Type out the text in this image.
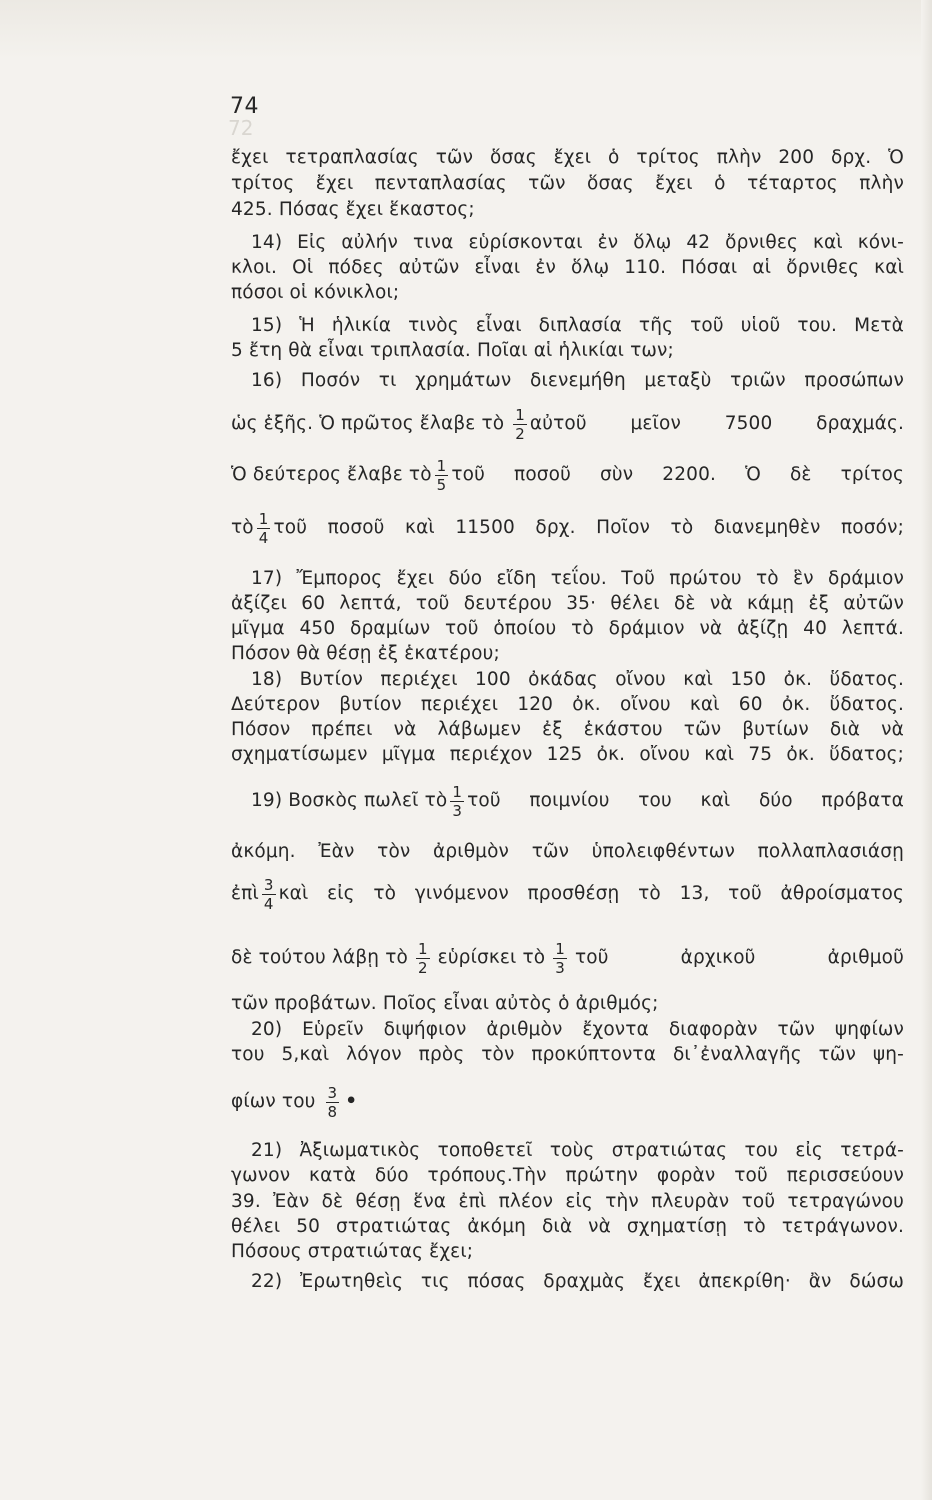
72
74
ἔχει τετραπλασίας τῶν ὅσας ἔχει ὁ τρίτος πλὴν 200 δρχ. Ὁ
τρίτος ἔχει πενταπλασίας τῶν ὅσας ἔχει ὁ τέταρτος πλὴν
425. Πόσας ἔχει ἕκαστος;
14) Εἰς αὐλήν τινα εὑρίσκονται ἐν ὅλῳ 42 ὄρνιθες καὶ κόνι-
κλοι. Οἱ πόδες αὐτῶν εἶναι ἐν ὅλῳ 110. Πόσαι αἱ ὄρνιθες καὶ
πόσοι οἱ κόνικλοι;
15) Ἡ ἡλικία τινὸς εἶναι διπλασία τῆς τοῦ υἱοῦ του. Μετὰ
5 ἔτη θὰ εἶναι τριπλασία. Ποῖαι αἱ ἡλικίαι των;
16) Ποσόν τι χρημάτων διενεμήθη μεταξὺ τριῶν προσώπων
ὡς ἑξῆς. Ὁ πρῶτος ἔλαβε τὸ $\frac{1}{2}$ αὐτοῦ μεῖον 7500 δραχμάς.
Ὁ δεύτερος ἔλαβε τὸ $\frac{1}{5}$ τοῦ ποσοῦ σὺν 2200. Ὁ δὲ τρίτος
τὸ $\frac{1}{4}$ τοῦ ποσοῦ καὶ 11500 δρχ. Ποῖον τὸ διανεμηθὲν ποσόν;
17) Ἔμπορος ἔχει δύο εἴδη τεΐου. Τοῦ πρώτου τὸ ἓν δράμιον
ἀξίζει 60 λεπτά, τοῦ δευτέρου 35· θέλει δὲ νὰ κάμῃ ἐξ αὐτῶν
μῖγμα 450 δραμίων τοῦ ὁποίου τὸ δράμιον νὰ ἀξίζῃ 40 λεπτά.
Πόσον θὰ θέσῃ ἐξ ἑκατέρου;
18) Βυτίον περιέχει 100 ὀκάδας οἴνου καὶ 150 ὀκ. ὕδατος.
Δεύτερον βυτίον περιέχει 120 ὀκ. οἴνου καὶ 60 ὀκ. ὕδατος.
Πόσον πρέπει νὰ λάβωμεν ἐξ ἑκάστου τῶν βυτίων διὰ νὰ
σχηματίσωμεν μῖγμα περιέχον 125 ὀκ. οἴνου καὶ 75 ὀκ. ὕδατος;
19) Βοσκὸς πωλεῖ τὸ $\frac{1}{3}$ τοῦ ποιμνίου του καὶ δύο πρόβατα
ἀκόμη. Ἐὰν τὸν ἀριθμὸν τῶν ὑπολειφθέντων πολλαπλασιάσῃ
ἐπὶ $\frac{3}{4}$ καὶ εἰς τὸ γινόμενον προσθέσῃ τὸ 13, τοῦ ἀθροίσματος
δὲ τούτου λάβῃ τὸ $\frac{1}{2}$ εὑρίσκει τὸ $\frac{1}{3}$ τοῦ ἀρχικοῦ ἀριθμοῦ
τῶν προβάτων. Ποῖος εἶναι αὐτὸς ὁ ἀριθμός;
20) Εὑρεῖν διψήφιον ἀριθμὸν ἔχοντα διαφορὰν τῶν ψηφίων
του 5,καὶ λόγον πρὸς τὸν προκύπτοντα δι᾽ἐναλλαγῆς τῶν ψη-
φίων του $\frac{3}{8}$ •
21) Ἀξιωματικὸς τοποθετεῖ τοὺς στρατιώτας του εἰς τετρά-
γωνον κατὰ δύο τρόπους.Τὴν πρώτην φορὰν τοῦ περισσεύουν
39. Ἐὰν δὲ θέσῃ ἕνα ἐπὶ πλέον εἰς τὴν πλευρὰν τοῦ τετραγώνου
θέλει 50 στρατιώτας ἀκόμη διὰ νὰ σχηματίσῃ τὸ τετράγωνον.
Πόσους στρατιώτας ἔχει;
22) Ἐρωτηθεὶς τις πόσας δραχμὰς ἔχει ἀπεκρίθη· ἂν δώσω
